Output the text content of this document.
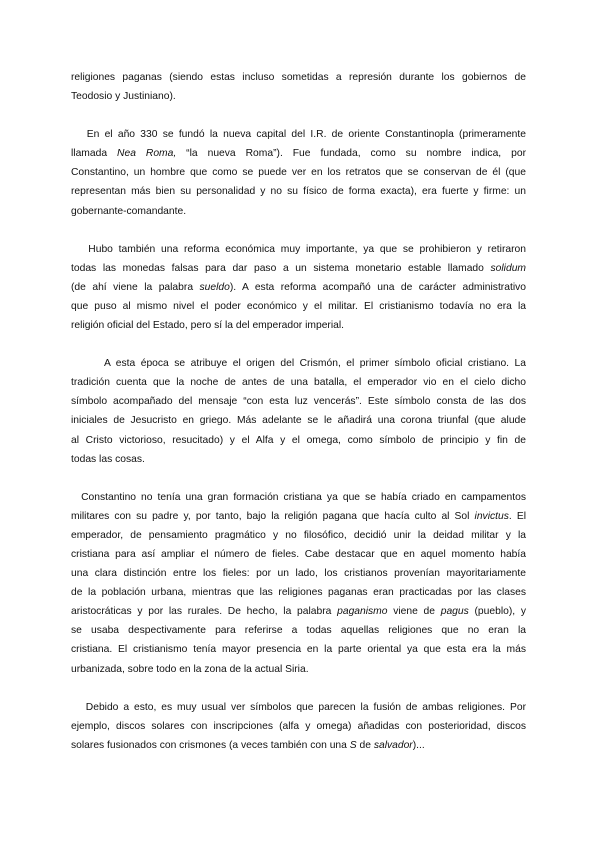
religiones paganas (siendo estas incluso sometidas a represión durante los gobiernos de
Teodosio y Justiniano).
En el año 330 se fundó la nueva capital del I.R. de oriente Constantinopla (primeramente
llamada Nea Roma, “la nueva Roma”). Fue fundada, como su nombre indica, por
Constantino, un hombre que como se puede ver en los retratos que se conservan de él (que
representan más bien su personalidad y no su físico de forma exacta), era fuerte y firme: un
gobernante-comandante.
Hubo también una reforma económica muy importante, ya que se prohibieron y retiraron
todas las monedas falsas para dar paso a un sistema monetario estable llamado solidum
(de ahí viene la palabra sueldo). A esta reforma acompañó una de carácter administrativo
que puso al mismo nivel el poder económico y el militar. El cristianismo todavía no era la
religión oficial del Estado, pero sí la del emperador imperial.
A esta época se atribuye el origen del Crismón, el primer símbolo oficial cristiano. La
tradición cuenta que la noche de antes de una batalla, el emperador vio en el cielo dicho
símbolo acompañado del mensaje “con esta luz vencerás”. Este símbolo consta de las dos
iniciales de Jesucristo en griego. Más adelante se le añadirá una corona triunfal (que alude
al Cristo victorioso, resucitado) y el Alfa y el omega, como símbolo de principio y fin de
todas las cosas.
Constantino no tenía una gran formación cristiana ya que se había criado en campamentos
militares con su padre y, por tanto, bajo la religión pagana que hacía culto al Sol invictus. El
emperador, de pensamiento pragmático y no filosófico, decidió unir la deidad militar y la
cristiana para así ampliar el número de fieles. Cabe destacar que en aquel momento había
una clara distinción entre los fieles: por un lado, los cristianos provenían mayoritariamente
de la población urbana, mientras que las religiones paganas eran practicadas por las clases
aristocráticas y por las rurales. De hecho, la palabra paganismo viene de pagus (pueblo), y
se usaba despectivamente para referirse a todas aquellas religiones que no eran la
cristiana. El cristianismo tenía mayor presencia en la parte oriental ya que esta era la más
urbanizada, sobre todo en la zona de la actual Siria.
Debido a esto, es muy usual ver símbolos que parecen la fusión de ambas religiones. Por
ejemplo, discos solares con inscripciones (alfa y omega) añadidas con posterioridad, discos
solares fusionados con crismones (a veces también con una S de salvador)...
